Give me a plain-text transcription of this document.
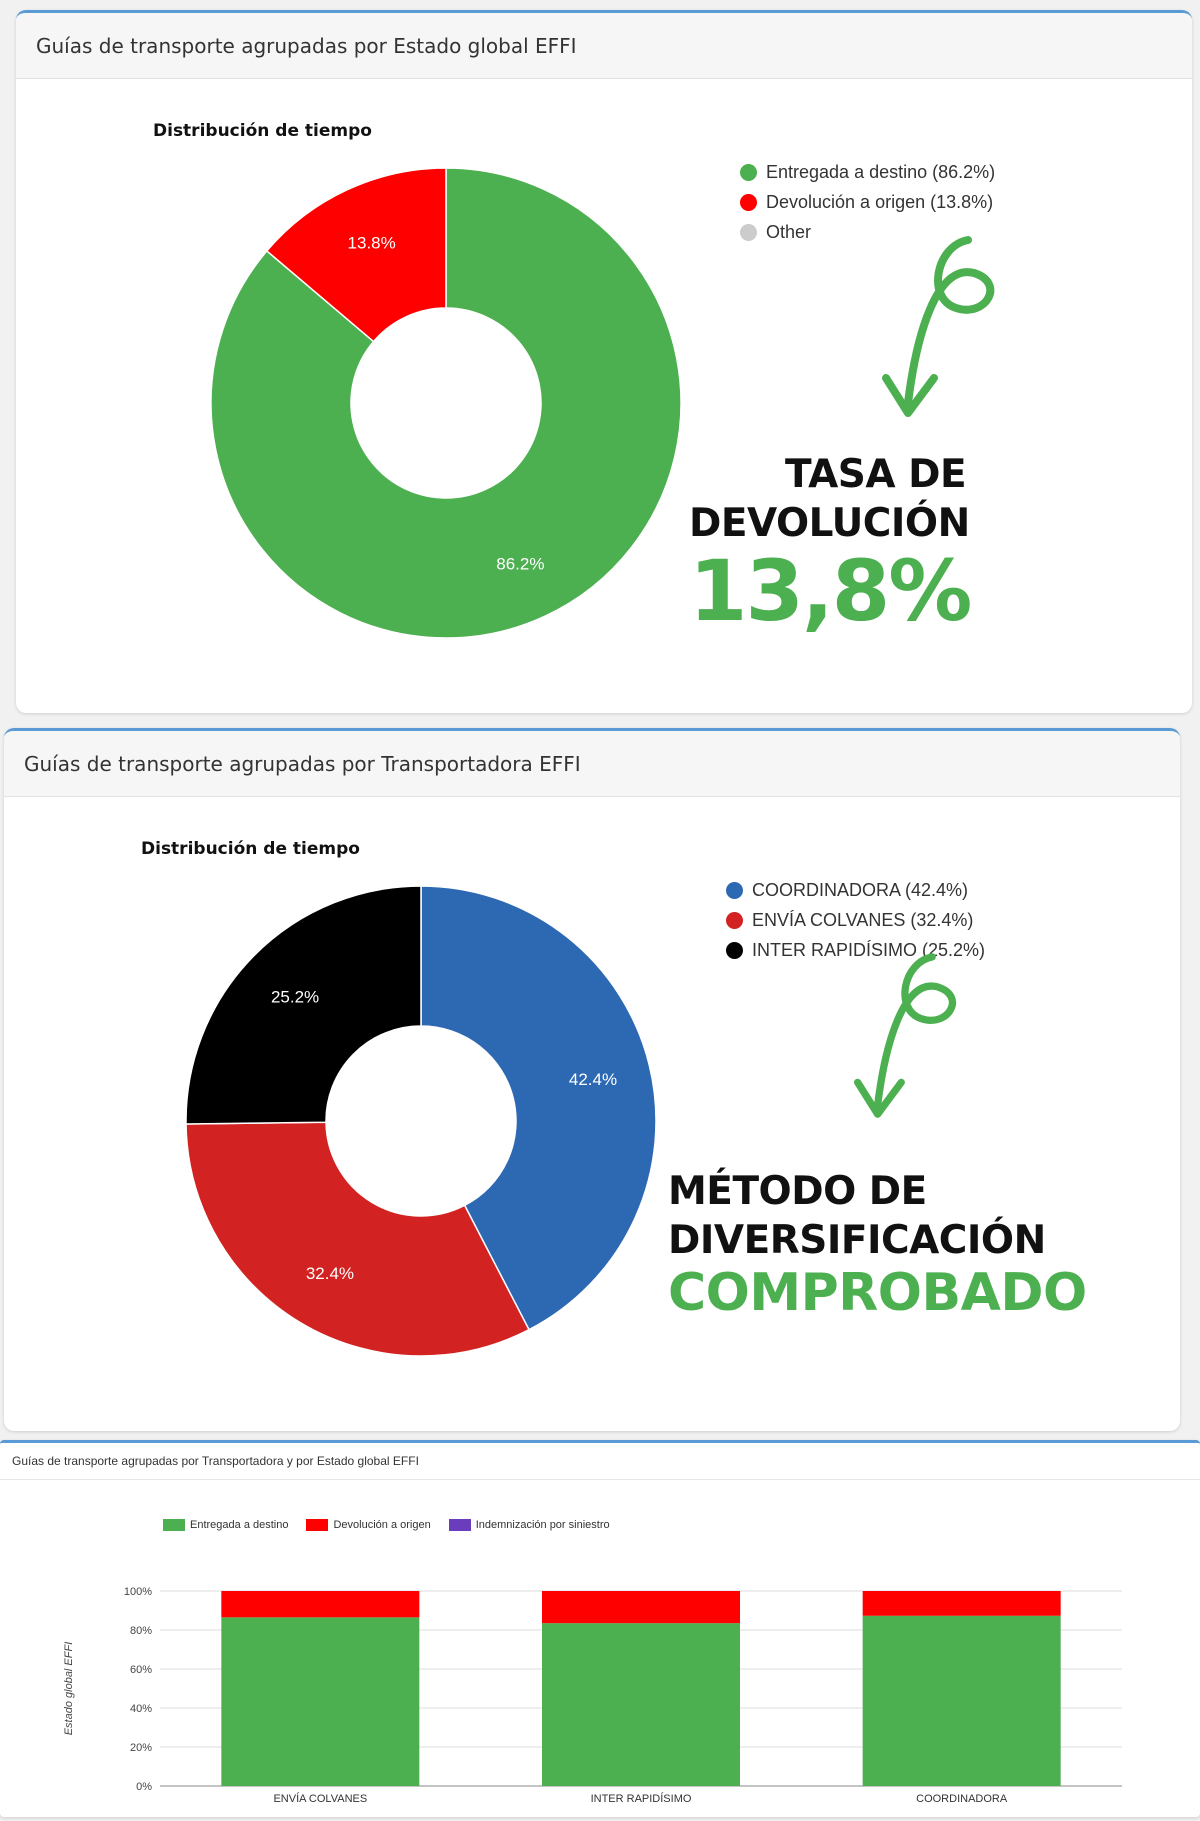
Guías de transporte agrupadas por Estado global EFFI
Distribución de tiempo
86.2%
13.8%
Entregada a destino (86.2%)
Devolución a origen (13.8%)
Other
TASA DE
DEVOLUCIÓN
13,8%
Guías de transporte agrupadas por Transportadora EFFI
Distribución de tiempo
42.4%
32.4%
25.2%
COORDINADORA (42.4%)
ENVÍA COLVANES (32.4%)
INTER RAPIDÍSIMO (25.2%)
MÉTODO DE
DIVERSIFICACIÓN
COMPROBADO
Guías de transporte agrupadas por Transportadora y por Estado global EFFI
Entregada a destino	Devolución a origen	Indemnización por siniestro
0%
20%
40%
60%
80%
100%
ENVÍA COLVANES	INTER RAPIDÍSIMO	COORDINADORA
Estado global EFFI
